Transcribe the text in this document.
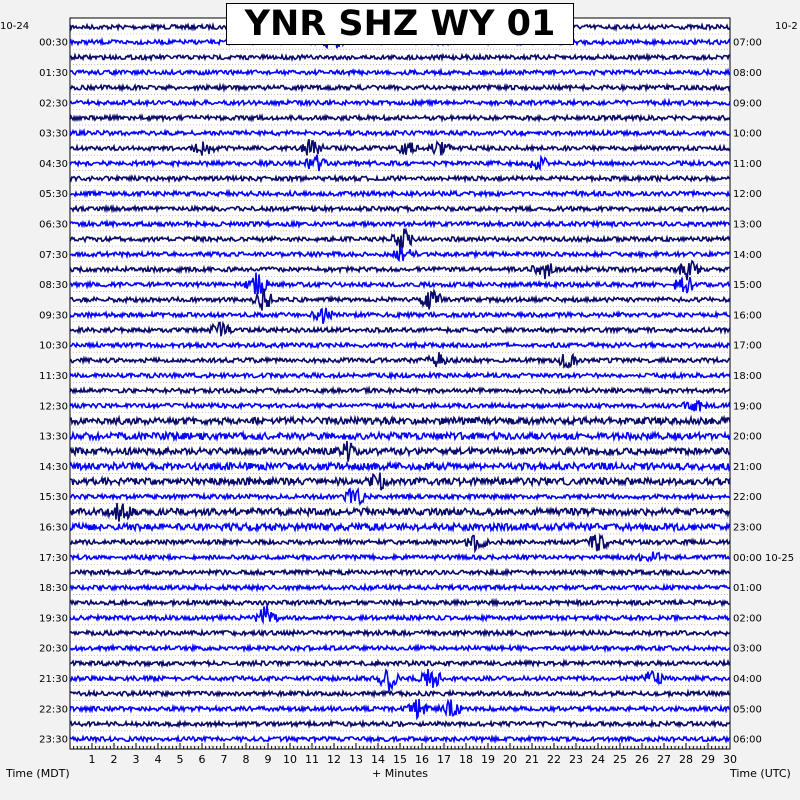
1 2 3 4 5 6 7 8 9 10 11 12 13 14 15 16 17 18 19 20 21 22 23 24 25 26 27 28 29 30
00:30
01:30
02:30
03:30
04:30
05:30
06:30
07:30
08:30
09:30
10:30
11:30
12:30
13:30
14:30
15:30
16:30
17:30
18:30
19:30
20:30
21:30
22:30
23:30
07:00
08:00
09:00
10:00
11:00
12:00
13:00
14:00
15:00
16:00
17:00
18:00
19:00
20:00
21:00
22:00
23:00
00:00 10-25
01:00
02:00
03:00
04:00
05:00
06:00
YNR SHZ WY 01
10-24	10-2
Time (MDT)	+ Minutes	Time (UTC)
